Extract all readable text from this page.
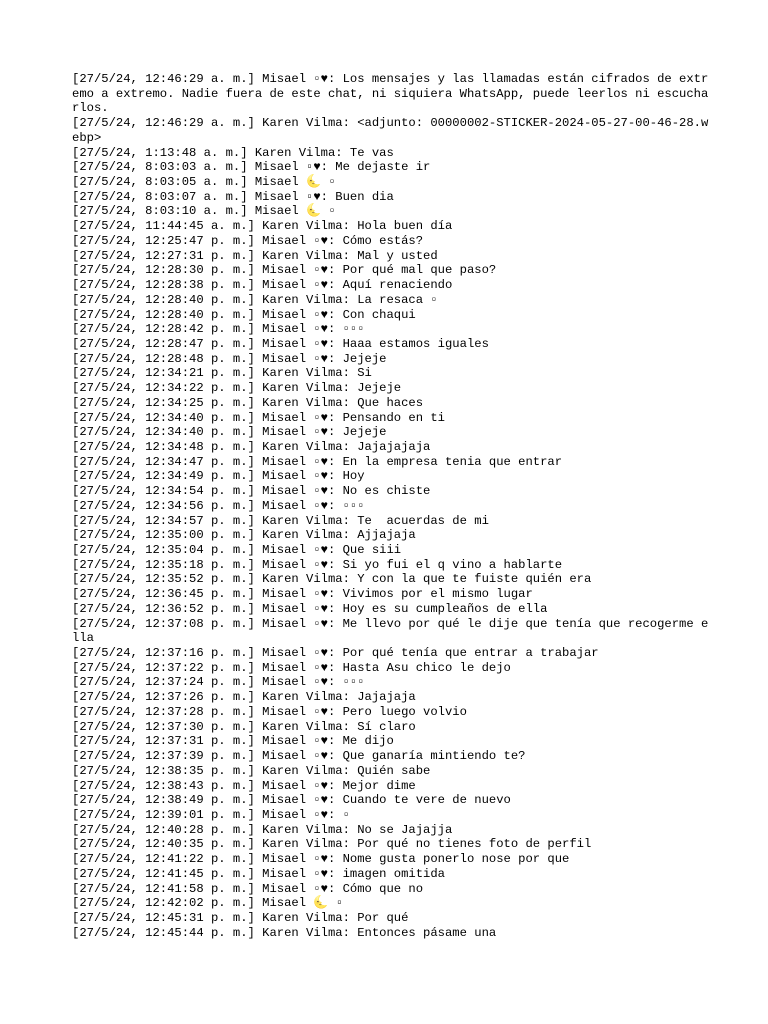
[27/5/24, 12:46:29 a. m.] Misael ▫♥: Los mensajes y las llamadas están cifrados de extremo a extremo. Nadie fuera de este chat, ni siquiera WhatsApp, puede leerlos ni escucharlos.
[27/5/24, 12:46:29 a. m.] Karen Vilma: <adjunto: 00000002-STICKER-2024-05-27-00-46-28.webp>
[27/5/24, 1:13:48 a. m.] Karen Vilma: Te vas
[27/5/24, 8:03:03 a. m.] Misael ▫♥: Me dejaste ir
[27/5/24, 8:03:05 a. m.] Misael 🌜 ▫
[27/5/24, 8:03:07 a. m.] Misael ▫♥: Buen dia
[27/5/24, 8:03:10 a. m.] Misael 🌜 ▫
[27/5/24, 11:44:45 a. m.] Karen Vilma: Hola buen día
[27/5/24, 12:25:47 p. m.] Misael ▫♥: Cómo estás?
[27/5/24, 12:27:31 p. m.] Karen Vilma: Mal y usted
[27/5/24, 12:28:30 p. m.] Misael ▫♥: Por qué mal que paso?
[27/5/24, 12:28:38 p. m.] Misael ▫♥: Aquí renaciendo
[27/5/24, 12:28:40 p. m.] Karen Vilma: La resaca ▫
[27/5/24, 12:28:40 p. m.] Misael ▫♥: Con chaqui
[27/5/24, 12:28:42 p. m.] Misael ▫♥: ▫▫▫
[27/5/24, 12:28:47 p. m.] Misael ▫♥: Haaa estamos iguales
[27/5/24, 12:28:48 p. m.] Misael ▫♥: Jejeje
[27/5/24, 12:34:21 p. m.] Karen Vilma: Si
[27/5/24, 12:34:22 p. m.] Karen Vilma: Jejeje
[27/5/24, 12:34:25 p. m.] Karen Vilma: Que haces
[27/5/24, 12:34:40 p. m.] Misael ▫♥: Pensando en ti
[27/5/24, 12:34:40 p. m.] Misael ▫♥: Jejeje
[27/5/24, 12:34:48 p. m.] Karen Vilma: Jajajajaja
[27/5/24, 12:34:47 p. m.] Misael ▫♥: En la empresa tenia que entrar
[27/5/24, 12:34:49 p. m.] Misael ▫♥: Hoy
[27/5/24, 12:34:54 p. m.] Misael ▫♥: No es chiste
[27/5/24, 12:34:56 p. m.] Misael ▫♥: ▫▫▫
[27/5/24, 12:34:57 p. m.] Karen Vilma: Te  acuerdas de mi
[27/5/24, 12:35:00 p. m.] Karen Vilma: Ajjajaja
[27/5/24, 12:35:04 p. m.] Misael ▫♥: Que siii
[27/5/24, 12:35:18 p. m.] Misael ▫♥: Si yo fui el q vino a hablarte
[27/5/24, 12:35:52 p. m.] Karen Vilma: Y con la que te fuiste quién era
[27/5/24, 12:36:45 p. m.] Misael ▫♥: Vivimos por el mismo lugar
[27/5/24, 12:36:52 p. m.] Misael ▫♥: Hoy es su cumpleaños de ella
[27/5/24, 12:37:08 p. m.] Misael ▫♥: Me llevo por qué le dije que tenía que recogerme ella
[27/5/24, 12:37:16 p. m.] Misael ▫♥: Por qué tenía que entrar a trabajar
[27/5/24, 12:37:22 p. m.] Misael ▫♥: Hasta Asu chico le dejo
[27/5/24, 12:37:24 p. m.] Misael ▫♥: ▫▫▫
[27/5/24, 12:37:26 p. m.] Karen Vilma: Jajajaja
[27/5/24, 12:37:28 p. m.] Misael ▫♥: Pero luego volvio
[27/5/24, 12:37:30 p. m.] Karen Vilma: Sí claro
[27/5/24, 12:37:31 p. m.] Misael ▫♥: Me dijo
[27/5/24, 12:37:39 p. m.] Misael ▫♥: Que ganaría mintiendo te?
[27/5/24, 12:38:35 p. m.] Karen Vilma: Quién sabe
[27/5/24, 12:38:43 p. m.] Misael ▫♥: Mejor dime
[27/5/24, 12:38:49 p. m.] Misael ▫♥: Cuando te vere de nuevo
[27/5/24, 12:39:01 p. m.] Misael ▫♥: ▫
[27/5/24, 12:40:28 p. m.] Karen Vilma: No se Jajajja
[27/5/24, 12:40:35 p. m.] Karen Vilma: Por qué no tienes foto de perfil
[27/5/24, 12:41:22 p. m.] Misael ▫♥: Nome gusta ponerlo nose por que
[27/5/24, 12:41:45 p. m.] Misael ▫♥: imagen omitida
[27/5/24, 12:41:58 p. m.] Misael ▫♥: Cómo que no
[27/5/24, 12:42:02 p. m.] Misael 🌜 ▫
[27/5/24, 12:45:31 p. m.] Karen Vilma: Por qué
[27/5/24, 12:45:44 p. m.] Karen Vilma: Entonces pásame una
